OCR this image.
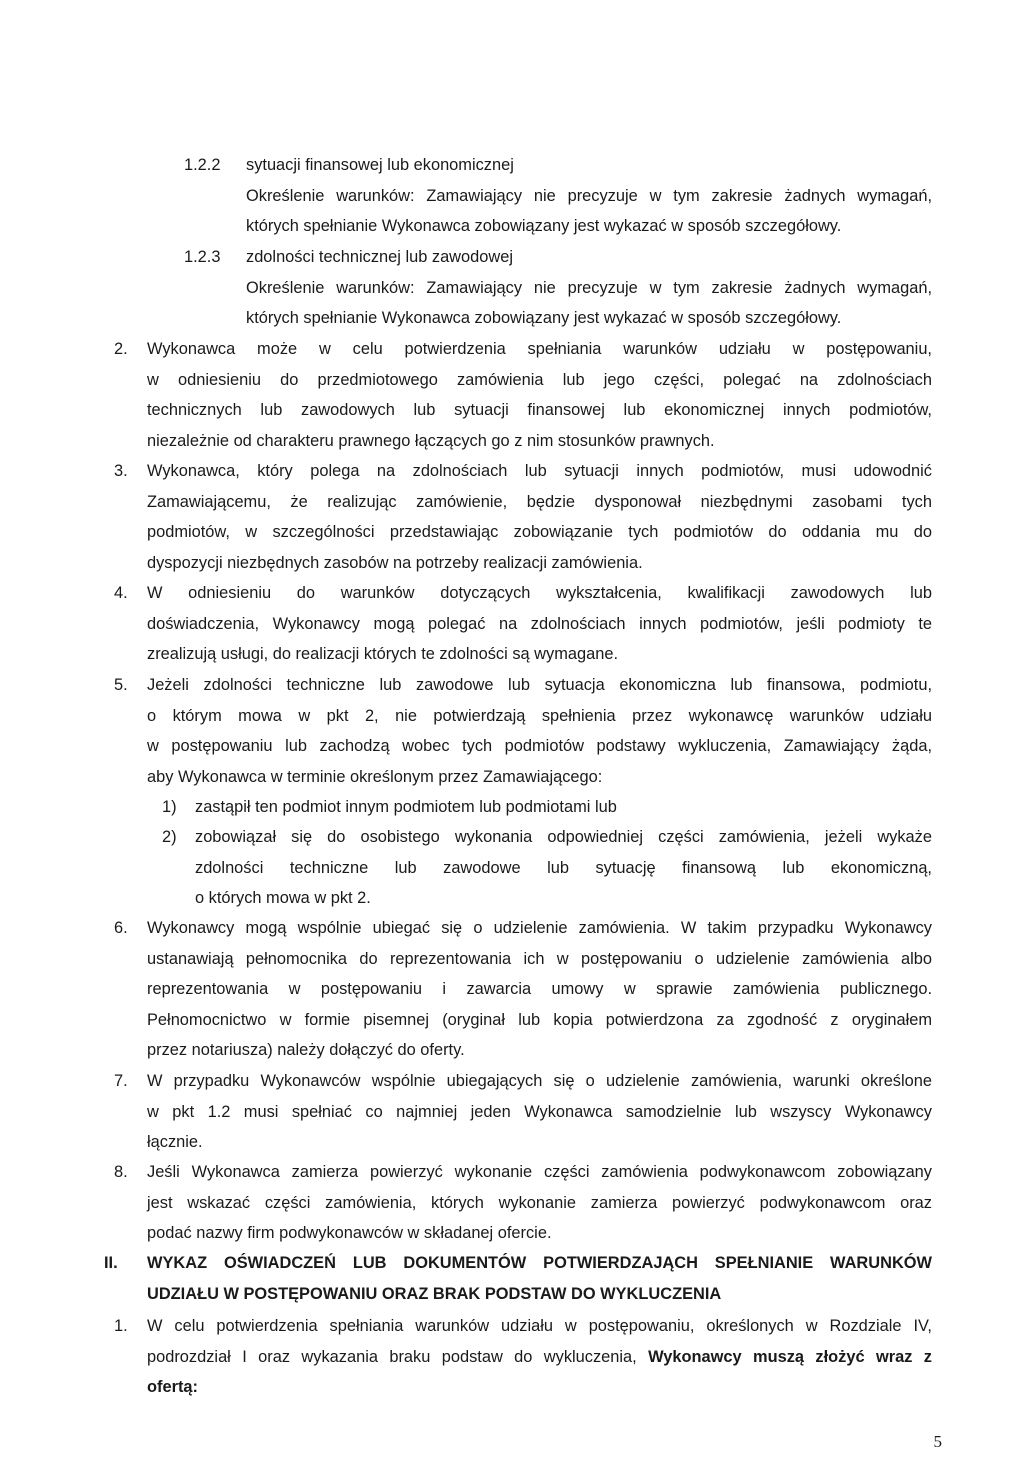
1.2.2 sytuacji finansowej lub ekonomicznej
Określenie warunków: Zamawiający nie precyzuje w tym zakresie żadnych wymagań,
których spełnianie Wykonawca zobowiązany jest wykazać w sposób szczegółowy.
1.2.3 zdolności technicznej lub zawodowej
Określenie warunków: Zamawiający nie precyzuje w tym zakresie żadnych wymagań,
których spełnianie Wykonawca zobowiązany jest wykazać w sposób szczegółowy.
2. Wykonawca może w celu potwierdzenia spełniania warunków udziału w postępowaniu,
w odniesieniu do przedmiotowego zamówienia lub jego części, polegać na zdolnościach
technicznych lub zawodowych lub sytuacji finansowej lub ekonomicznej innych podmiotów,
niezależnie od charakteru prawnego łączących go z nim stosunków prawnych.
3. Wykonawca, który polega na zdolnościach lub sytuacji innych podmiotów, musi udowodnić
Zamawiającemu, że realizując zamówienie, będzie dysponował niezbędnymi zasobami tych
podmiotów, w szczególności przedstawiając zobowiązanie tych podmiotów do oddania mu do
dyspozycji niezbędnych zasobów na potrzeby realizacji zamówienia.
4. W odniesieniu do warunków dotyczących wykształcenia, kwalifikacji zawodowych lub
doświadczenia, Wykonawcy mogą polegać na zdolnościach innych podmiotów, jeśli podmioty te
zrealizują usługi, do realizacji których te zdolności są wymagane.
5. Jeżeli zdolności techniczne lub zawodowe lub sytuacja ekonomiczna lub finansowa, podmiotu,
o którym mowa w pkt 2, nie potwierdzają spełnienia przez wykonawcę warunków udziału
w postępowaniu lub zachodzą wobec tych podmiotów podstawy wykluczenia, Zamawiający żąda,
aby Wykonawca w terminie określonym przez Zamawiającego:
1) zastąpił ten podmiot innym podmiotem lub podmiotami lub
2) zobowiązał się do osobistego wykonania odpowiedniej części zamówienia, jeżeli wykaże
zdolności techniczne lub zawodowe lub sytuację finansową lub ekonomiczną,
o których mowa w pkt 2.
6. Wykonawcy mogą wspólnie ubiegać się o udzielenie zamówienia. W takim przypadku Wykonawcy
ustanawiają pełnomocnika do reprezentowania ich w postępowaniu o udzielenie zamówienia albo
reprezentowania w postępowaniu i zawarcia umowy w sprawie zamówienia publicznego.
Pełnomocnictwo w formie pisemnej (oryginał lub kopia potwierdzona za zgodność z oryginałem
przez notariusza) należy dołączyć do oferty.
7. W przypadku Wykonawców wspólnie ubiegających się o udzielenie zamówienia, warunki określone
w pkt 1.2 musi spełniać co najmniej jeden Wykonawca samodzielnie lub wszyscy Wykonawcy
łącznie.
8. Jeśli Wykonawca zamierza powierzyć wykonanie części zamówienia podwykonawcom zobowiązany
jest wskazać części zamówienia, których wykonanie zamierza powierzyć podwykonawcom oraz
podać nazwy firm podwykonawców w składanej ofercie.
II. WYKAZ OŚWIADCZEŃ LUB DOKUMENTÓW POTWIERDZAJĄCH SPEŁNIANIE WARUNKÓW
UDZIAŁU W POSTĘPOWANIU ORAZ BRAK PODSTAW DO WYKLUCZENIA
1. W celu potwierdzenia spełniania warunków udziału w postępowaniu, określonych w Rozdziale IV,
podrozdział I oraz wykazania braku podstaw do wykluczenia, Wykonawcy muszą złożyć wraz z
ofertą:
5
